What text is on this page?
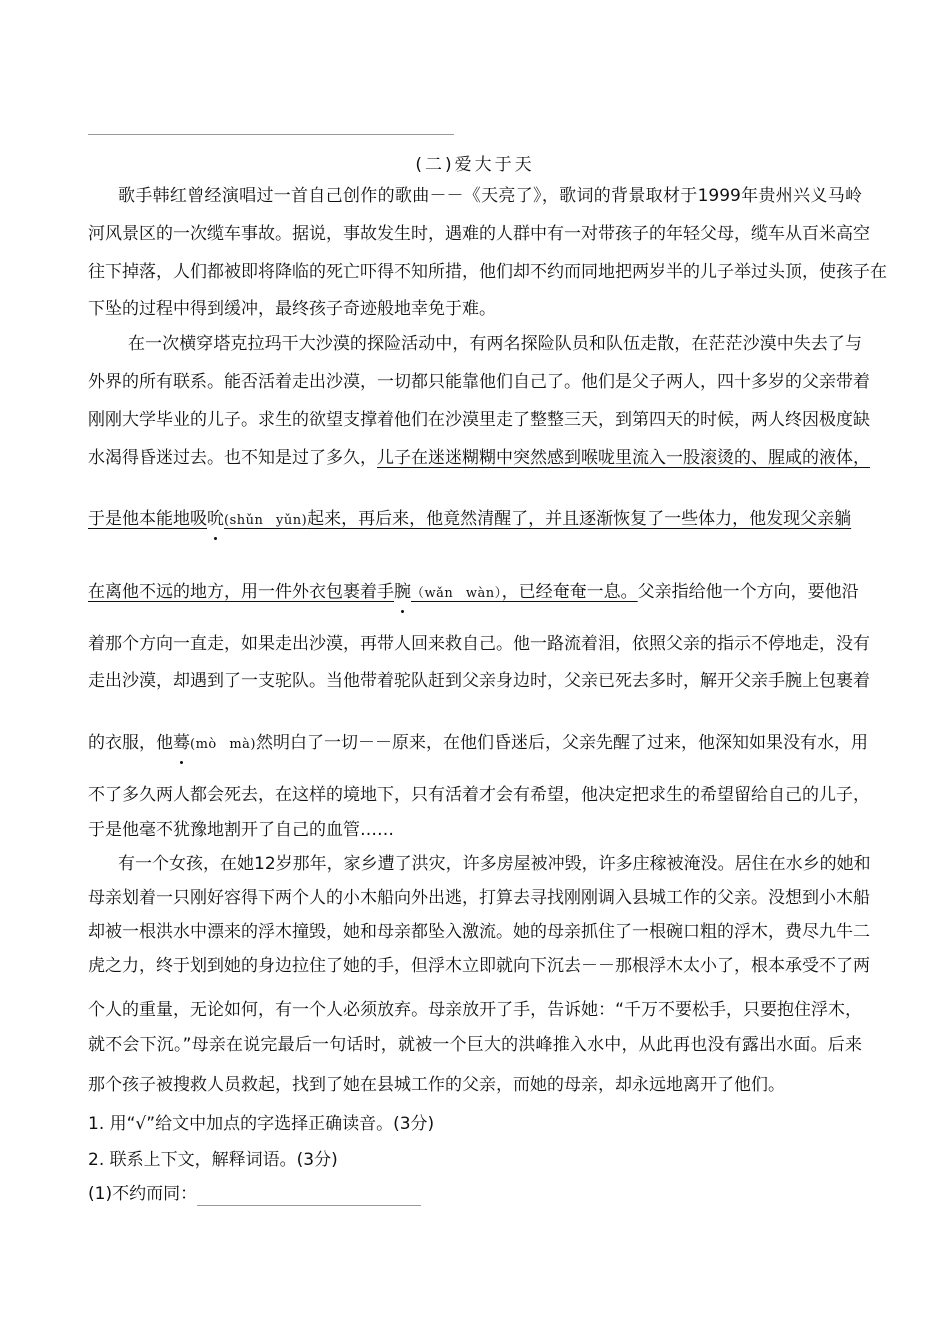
(二)爱大于天
歌手韩红曾经演唱过一首自己创作的歌曲－－《天亮了》，歌词的背景取材于1999年贵州兴义马岭
河风景区的一次缆车事故。据说，事故发生时，遇难的人群中有一对带孩子的年轻父母，缆车从百米高空
往下掉落，人们都被即将降临的死亡吓得不知所措，他们却不约而同地把两岁半的儿子举过头顶，使孩子在
下坠的过程中得到缓冲，最终孩子奇迹般地幸免于难。
在一次横穿塔克拉玛干大沙漠的探险活动中，有两名探险队员和队伍走散，在茫茫沙漠中失去了与
外界的所有联系。能否活着走出沙漠，一切都只能靠他们自己了。他们是父子两人，四十多岁的父亲带着
刚刚大学毕业的儿子。求生的欲望支撑着他们在沙漠里走了整整三天，到第四天的时候，两人终因极度缺
水渴得昏迷过去。也不知是过了多久，儿子在迷迷糊糊中突然感到喉咙里流入一股滚烫的、腥咸的液体，
于是他本能地吸吮(shǔn yǔn)起来，再后来，他竟然清醒了，并且逐渐恢复了一些体力，他发现父亲躺
在离他不远的地方，用一件外衣包裹着手腕（wǎn wàn），已经奄奄一息。父亲指给他一个方向，要他沿
着那个方向一直走，如果走出沙漠，再带人回来救自己。他一路流着泪，依照父亲的指示不停地走，没有
走出沙漠，却遇到了一支驼队。当他带着驼队赶到父亲身边时，父亲已死去多时，解开父亲手腕上包裹着
的衣服，他蓦(mò mà)然明白了一切－－原来，在他们昏迷后，父亲先醒了过来，他深知如果没有水，用
不了多久两人都会死去，在这样的境地下，只有活着才会有希望，他决定把求生的希望留给自己的儿子，
于是他毫不犹豫地割开了自己的血管……
有一个女孩，在她12岁那年，家乡遭了洪灾，许多房屋被冲毁，许多庄稼被淹没。居住在水乡的她和
母亲划着一只刚好容得下两个人的小木船向外出逃，打算去寻找刚刚调入县城工作的父亲。没想到小木船
却被一根洪水中漂来的浮木撞毁，她和母亲都坠入激流。她的母亲抓住了一根碗口粗的浮木，费尽九牛二
虎之力，终于划到她的身边拉住了她的手，但浮木立即就向下沉去－－那根浮木太小了，根本承受不了两
个人的重量，无论如何，有一个人必须放弃。母亲放开了手，告诉她：“千万不要松手，只要抱住浮木，
就不会下沉。”母亲在说完最后一句话时，就被一个巨大的洪峰推入水中，从此再也没有露出水面。后来
那个孩子被搜救人员救起，找到了她在县城工作的父亲，而她的母亲，却永远地离开了他们。
1. 用“√”给文中加点的字选择正确读音。(3分)
2. 联系上下文，解释词语。(3分)
(1)不约而同：
